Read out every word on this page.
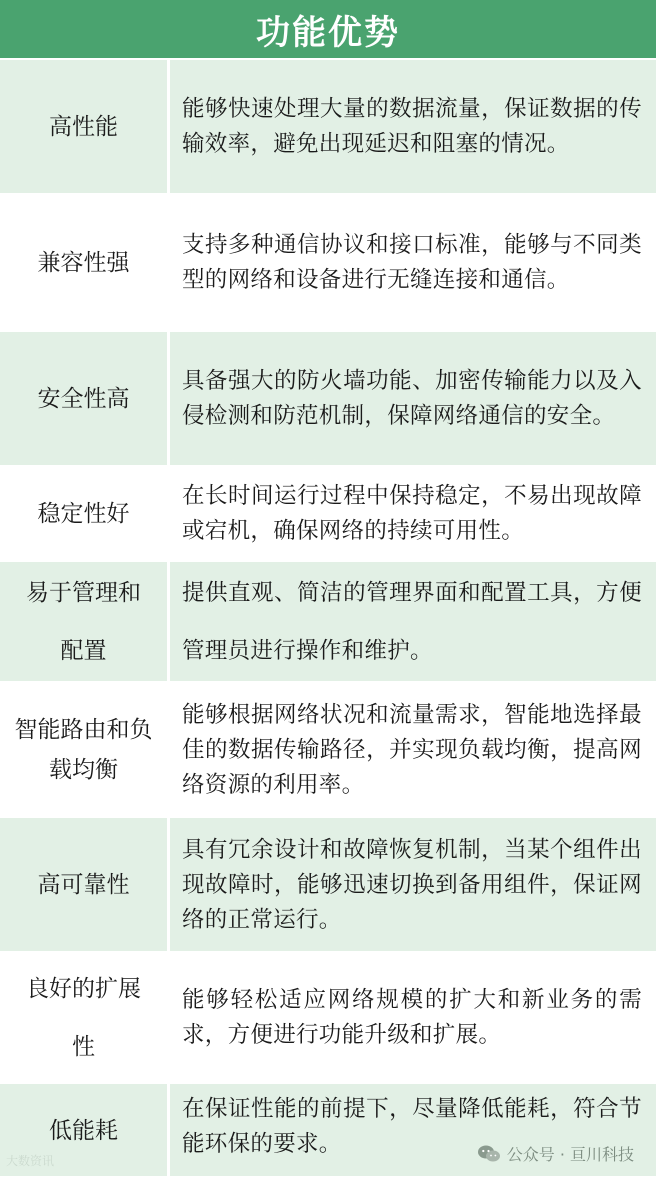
功能优势
高性能
能够快速处理大量的数据流量，保证数据的传输效率，避免出现延迟和阻塞的情况。
兼容性强
支持多种通信协议和接口标准，能够与不同类型的网络和设备进行无缝连接和通信。
安全性高
具备强大的防火墙功能、加密传输能力以及入侵检测和防范机制，保障网络通信的安全。
稳定性好
在长时间运行过程中保持稳定，不易出现故障或宕机，确保网络的持续可用性。
易于管理和配置
提供直观、简洁的管理界面和配置工具，方便管理员进行操作和维护。
智能路由和负载均衡
能够根据网络状况和流量需求，智能地选择最佳的数据传输路径，并实现负载均衡，提高网络资源的利用率。
高可靠性
具有冗余设计和故障恢复机制，当某个组件出现故障时，能够迅速切换到备用组件，保证网络的正常运行。
良好的扩展性
能够轻松适应网络规模的扩大和新业务的需求，方便进行功能升级和扩展。
低能耗
在保证性能的前提下，尽量降低能耗，符合节能环保的要求。
大数资讯	公众号 · 亘川科技
